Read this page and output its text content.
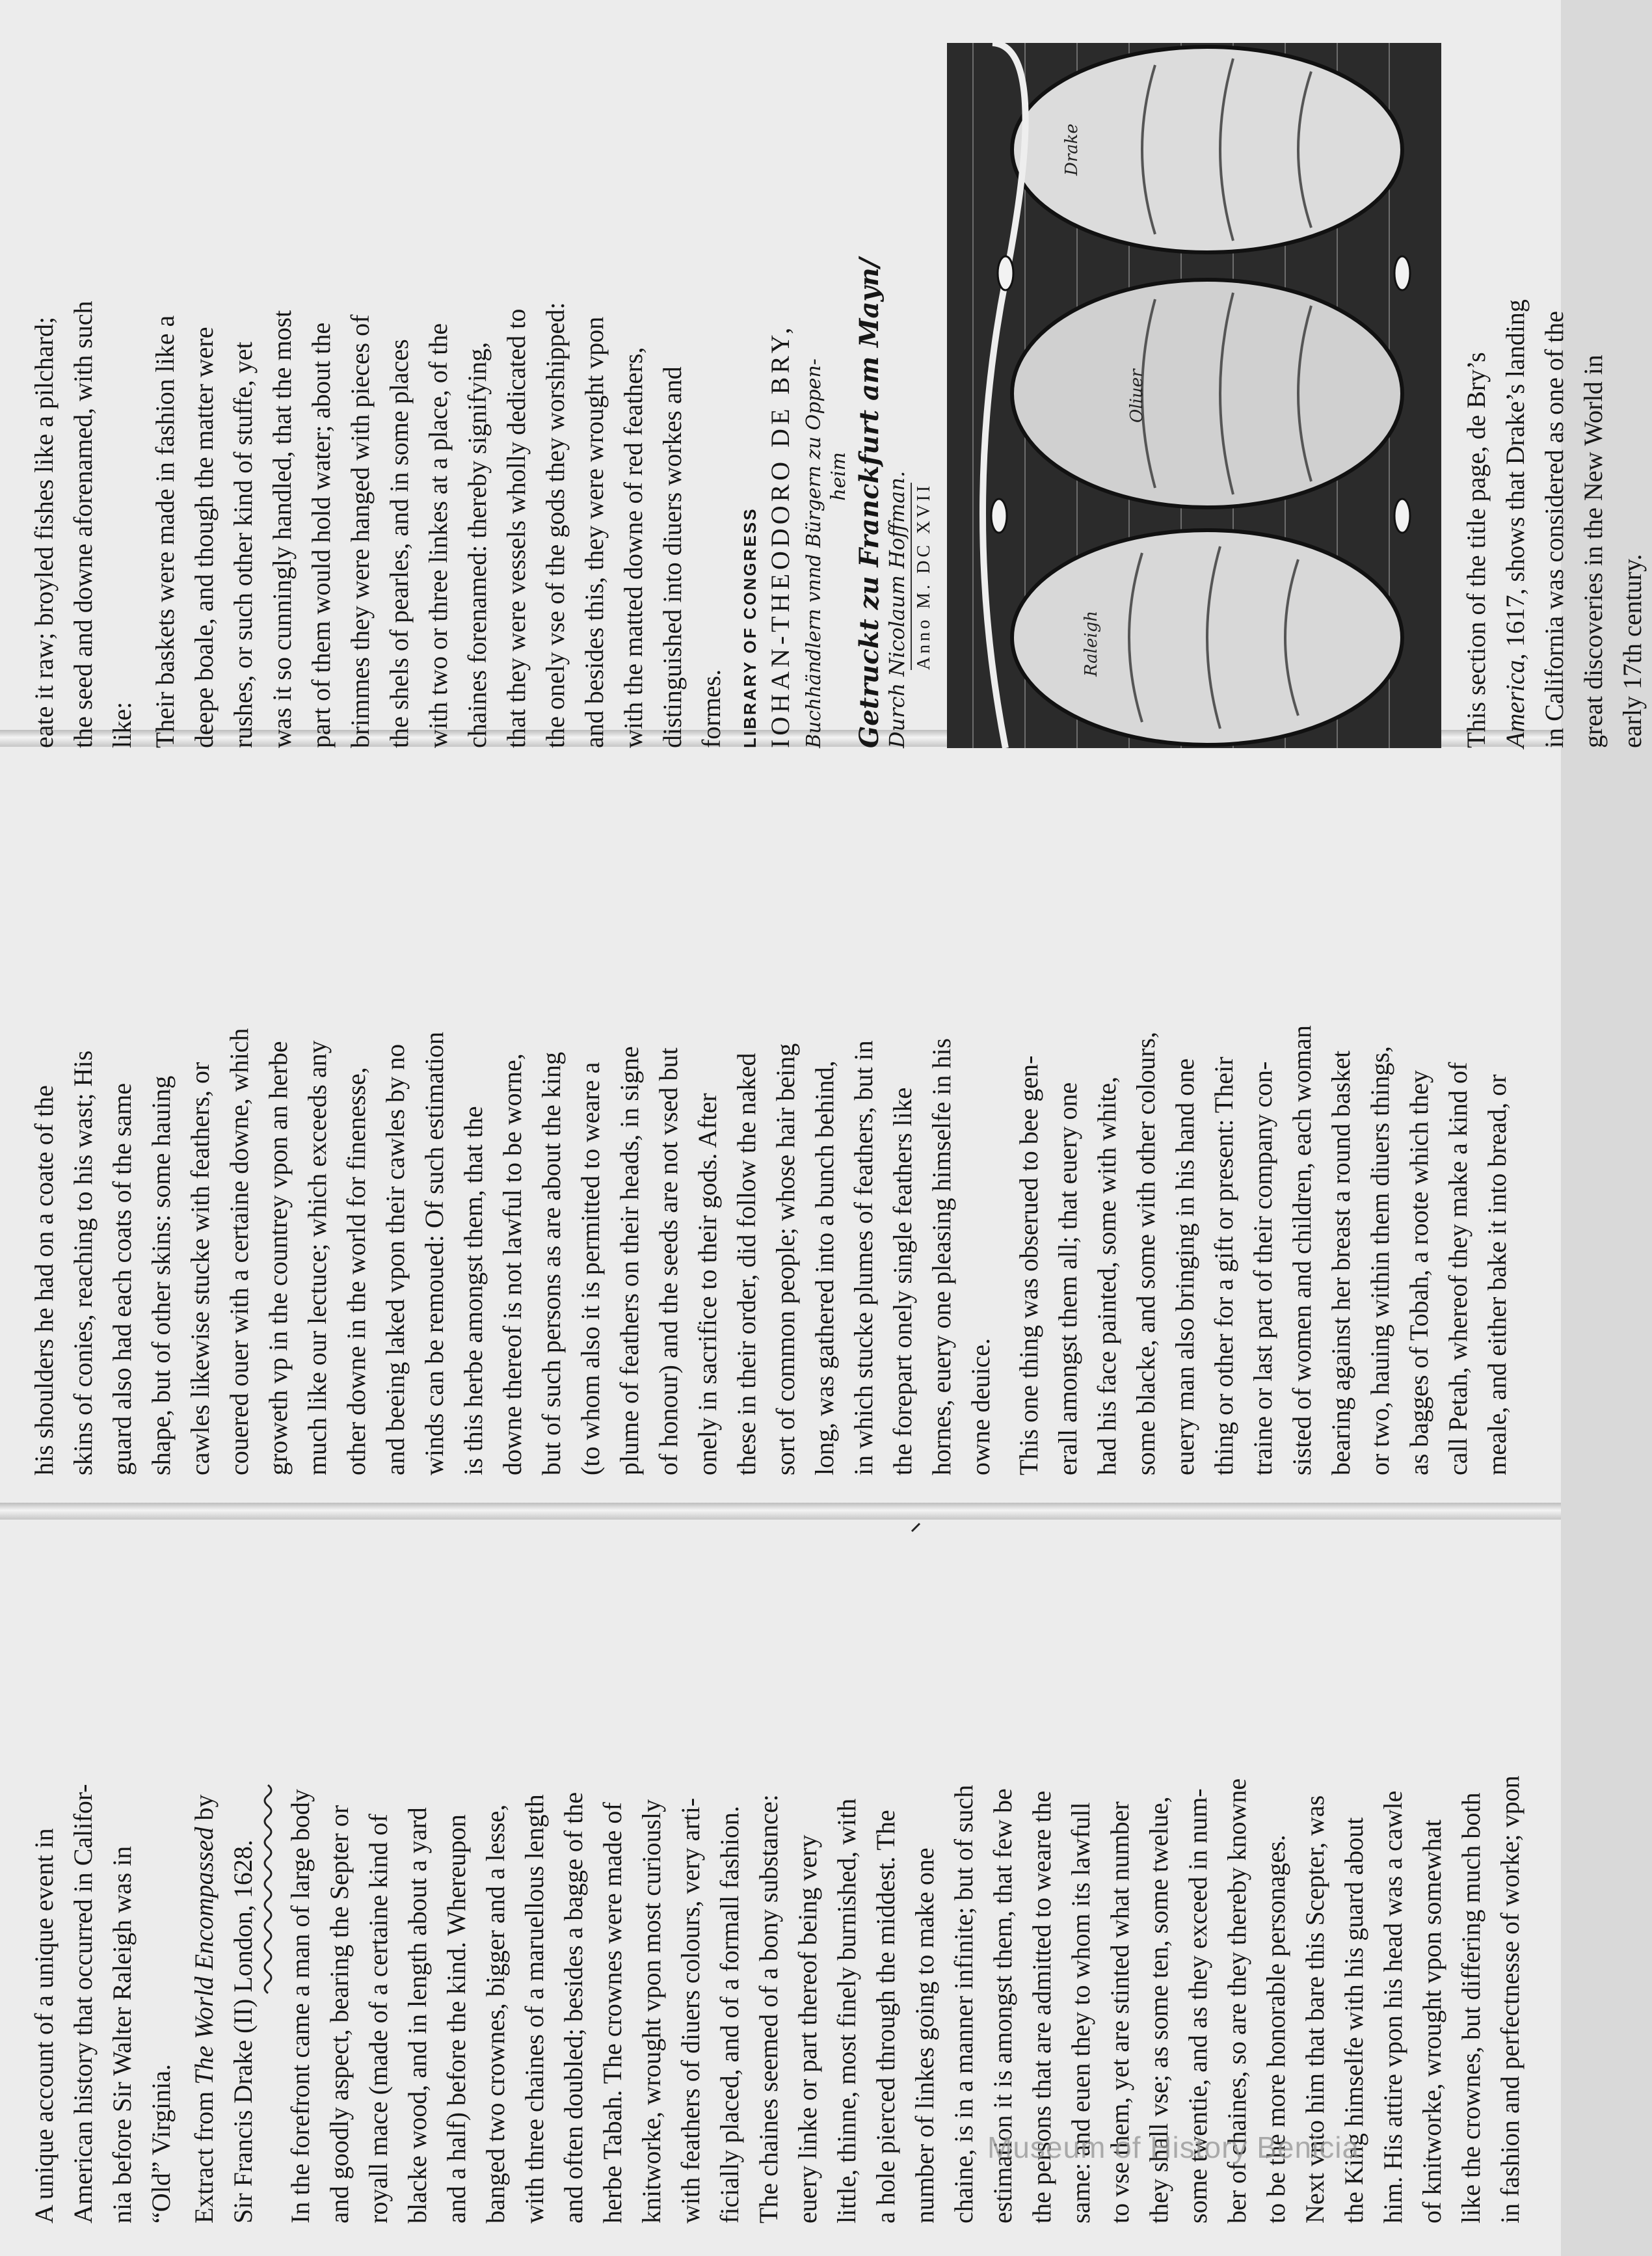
A unique account of a unique event in American history that occurred in Califor- nia before Sir Walter Raleigh was in “Old” Virginia. Extract from The World Encompassed by
Sir Francis Drake (II) London, 1628. In the forefront came a man of large body and goodly aspect, bearing the Septer or royall mace (made of a certaine kind of blacke wood, and in length about a yard and a half) before the kind. Whereupon banged two crownes, bigger and a lesse, with three chaines of a maruellous length and often doubled; besides a bagge of the herbe Tabah. The crownes were made of knitworke, wrought vpon most curiously with feathers of diuers colours, very arti- ficially placed, and of a formall fashion. The chaines seemed of a bony substance: euery linke or part thereof being very little, thinne, most finely burnished, with a hole pierced through the middest. The number of linkes going to make one chaine, is in a manner infinite; but of such estimation it is amongst them, that few be the persons that are admitted to weare the same: and euen they to whom its lawfull to vse them, yet are stinted what number they shall vse; as some ten, some twelue, some twentie, and as they exceed in num- ber of chaines, so are they thereby knowne to be the more honorable personages. Next vnto him that bare this Scepter, was the King himselfe with his guard about him. His attire vpon his head was a cawle of knitworke, wrought vpon somewhat like the crownes, but differing much both in fashion and perfectnesse of worke; vpon

his shoulders he had on a coate of the skins of conies, reaching to his wast; His guard also had each coats of the same shape, but of other skins: some hauing cawles likewise stucke with feathers, or couered ouer with a certaine downe, which groweth vp in the countrey vpon an herbe much like our lectuce; which exceeds any other downe in the world for finenesse, and beeing laked vpon their cawles by no winds can be remoued: Of such estimation is this herbe amongst them, that the downe thereof is not lawful to be worne, but of such persons as are about the king (to whom also it is permitted to weare a plume of feathers on their heads, in signe of honour) and the seeds are not vsed but onely in sacrifice to their gods. After these in their order, did follow the naked sort of common people; whose hair being long, was gathered into a bunch behind, in which stucke plumes of feathers, but in the forepart onely single feathers like hornes, euery one pleasing himselfe in his owne deuice. This one thing was obserued to bee gen- erall amongst them all; that euery one had his face painted, some with white, some blacke, and some with other colours, euery man also bringing in his hand one thing or other for a gift or present: Their traine or last part of their company con- sisted of women and children, each woman bearing against her breast a round basket or two, hauing within them diuers things, as bagges of Tobah, a roote which they call Petah, whereof they make a kind of meale, and either bake it into bread, or

eate it raw; broyled fishes like a pilchard; the seed and downe aforenamed, with such like: Their baskets were made in fashion like a deepe boale, and though the matter were rushes, or such other kind of stuffe, yet was it so cunningly handled, that the most part of them would hold water; about the brimmes they were hanged with pieces of the shels of pearles, and in some places with two or three linkes at a place, of the chaines forenamed: thereby signifying, that they were vessels wholly dedicated to the onely vse of the gods they worshipped: and besides this, they were wrought vpon with the matted downe of red feathers, distinguished into diuers workes and formes. LIBRARY OF CONGRESS IOHAN-THEODORO DE BRY, Buchhändlern vnnd Bürgern zu Oppen- heim Getruckt zu Franckfurt am Mayn/ Durch Nicolaum Hoffman. Anno M. DC XVII	Raleigh
Oliuer
Drake

This section of the title page, de Bry’s America, 1617, shows that Drake’s landing in California was considered as one of the great discoveries in the New World in early 17th century.

Museum of History Benicia
